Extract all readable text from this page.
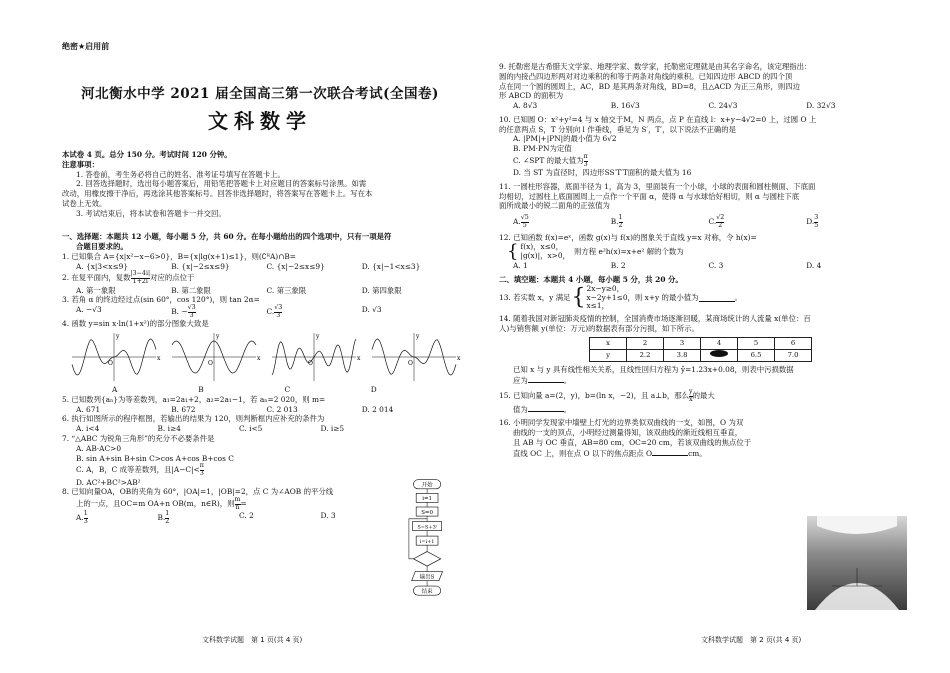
绝密★启用前
河北衡水中学 2021 届全国高三第一次联合考试(全国卷)
文科数学
本试卷 4 页。总分 150 分。考试时间 120 分钟。
注意事项：
1. 答卷前，考生务必将自己的姓名、准考证号填写在答题卡上。
2. 回答选择题时，选出每小题答案后，用铅笔把答题卡上对应题目的答案标号涂黑。如需
改动，用橡皮擦干净后，再选涂其他答案标号。回答非选择题时，将答案写在答题卡上。写在本
试卷上无效。
3. 考试结束后，将本试卷和答题卡一并交回。
一、选择题：本题共 12 小题，每小题 5 分，共 60 分。在每小题给出的四个选项中，只有一项是符
合题目要求的。
1. 已知集合 A={x|x²−x−6>0}，B={x|lg(x+1)≤1}，则(∁ᴿA)∩B=
A. {x|3<x≤9}	B. {x|−2≤x≤9}	C. {x|−2≤x≤9}	D. {x|−1<x≤3}
2. 在复平面内，复数 $\frac{|3-4i|}{1+2i}$对应的点位于
A. 第一象限	B. 第二象限	C. 第三象限	D. 第四象限
3. 若角 α 的终边经过点(sin 60°，cos 120°)，则 tan 2α=
A. −√3	B. − $\frac{√3}{3}$	C. $\frac{√3}{3}$	D. √3
4. 函数 y=sin x·ln(1+x²)的部分图象大致是
O
x
y
O
x
y
O
x
y
O
x
y
A	B	C	D
5. 已知数列{aₙ}为等差数列，a₁=2a₁+2，a₂=2a₁−1，若 aₙ=2 020，则 m=
A. 671	B. 672	C. 2 013	D. 2 014
6. 执行如图所示的程序框图，若输出的结果为 120，则判断框内应补充的条件为
A. i<4	B. i≥4	C. i<5	D. i≥5
7. “△ABC 为锐角三角形”的充分不必要条件是
A. AB·AC>0
B. sin A+sin B+sin C>cos A+cos B+cos C
C. A，B，C 成等差数列，且$|A-C|< \frac{\pi}{3}$
D. AC²+BC²>AB²
8. 已知向量OA，OB的夹角为 60°，|OA|=1，|OB|=2，点 C 为∠AOB 的平分线
上的一点，且OC=m OA+n OB(m，n∈R)，则 $\frac{m}{n}=$
A. $\frac{1}{3}$	B. $\frac{1}{2}$	C. 2	D. 3
开始
i=1
S=0
S=S+3ⁱ
i=i+1
输出S
结束
文科数学试题　第 1 页(共 4 页)
9. 托勒密是古希腊天文学家、地理学家、数学家，托勒密定理就是由其名字命名，该定理指出：
圆的内接凸四边形两对对边乘积的和等于两条对角线的乘积。已知四边形 ABCD 的四个顶
点在同一个圆的圆周上，AC，BD 是其两条对角线，BD=8，且△ACD 为正三角形，则四边
形 ABCD 的面积为
A. 8√3	B. 16√3	C. 24√3	D. 32√3
10. 已知圆 O：x²+y²=4 与 x 轴交于M，N 两点，点 P 在直线 l：x+y−4√2=0 上，过圆 O 上
的任意两点 S，T 分别向 l 作垂线，垂足为 S′，T′，以下说法不正确的是
A. |PM|+|PN|的最小值为 6√2
B. PM·PN为定值
C. ∠SPT 的最大值为 $\frac{\pi}{3}$
D. 当 ST 为直径时，四边形SS′T′T面积的最大值为 16
11. 一圆柱形容器，底面半径为 1，高为 3，里面装有一个小球，小球的表面和圆柱侧面、下底面
均相切，过圆柱上底面圆周上一点作一个平面 α，使得 α 与水球恰好相切，则 α 与圆柱下底
面所成最小的锐二面角的正弦值为
A. $\frac{√5}{5}$	B. $\frac{1}{2}$	C. $\frac{√2}{2}$	D. $\frac{3}{5}$
12. 已知函数 f(x)=eˣ，函数 g(x)与 f(x)的图象关于直线 y=x 对称，令 h(x)=
{ f(x)，x≤0，
|g(x)|，x>0， 则方程 e²h(x)=x+e² 解的个数为
A. 1	B. 2	C. 3	D. 4
二、填空题：本题共 4 小题，每小题 5 分，共 20 分。
13. 若实数 x，y 满足 { 2x−y≥0，
x−2y+1≤0，
x≤1，
则 x+y 的最小值为	。
14. 随着我国对新冠肺炎疫情的控制，全国消费市场逐渐回暖，某商场统计的人流量 x(单位：百
人)与销售额 y(单位：万元)的数据表有部分污损，如下所示。
x	2	3	4	5	6
y	2.2	3.8		6.5	7.0
已知 x 与 y 具有线性相关关系，且线性回归方程为 ŷ=1.23x+0.08，则表中污损数据
应为	。
15. 已知向量 a=(2，y)，b=(ln x，−2)，且 a⊥b，那么 $\frac{y}{x}$的最大
值为	。
16. 小明同学发现家中墙壁上灯光的边界类似双曲线的一支，如图，O 为双
曲线的一支的顶点，小明经过测量得知，该双曲线的渐近线相互垂直，
且 AB 与 OC 垂直，AB=80 cm，OC=20 cm，若该双曲线的焦点位于
直线 OC 上，则在点 O 以下的焦点距点 O	cm。
文科数学试题　第 2 页(共 4 页)
